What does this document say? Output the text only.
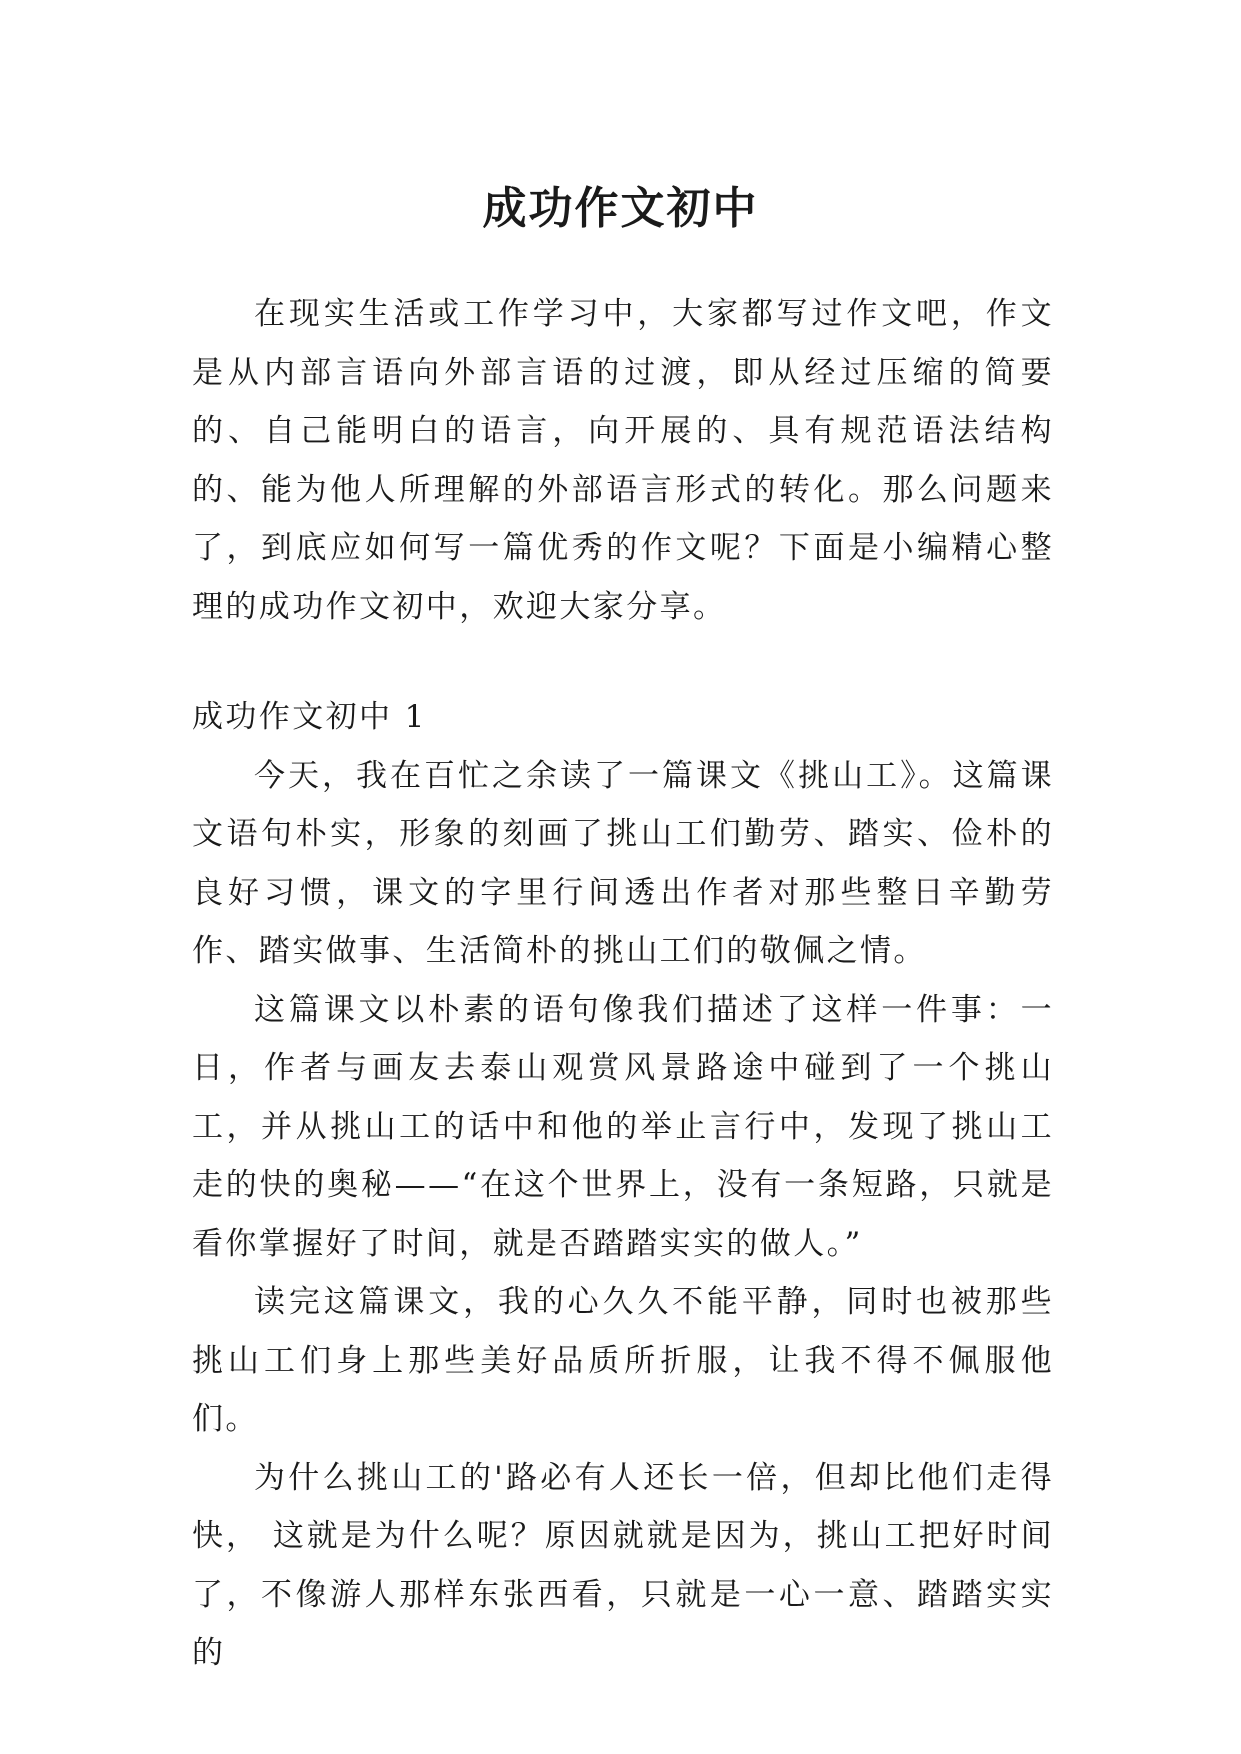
成功作文初中

在现实生活或工作学习中，大家都写过作文吧，作文是从内部言语向外部言语的过渡，即从经过压缩的简要的、自己能明白的语言，向开展的、具有规范语法结构的、能为他人所理解的外部语言形式的转化。那么问题来了，到底应如何写一篇优秀的作文呢？下面是小编精心整理的成功作文初中，欢迎大家分享。

成功作文初中 1

今天，我在百忙之余读了一篇课文《挑山工》。这篇课文语句朴实，形象的刻画了挑山工们勤劳、踏实、俭朴的良好习惯，课文的字里行间透出作者对那些整日辛勤劳作、踏实做事、生活简朴的挑山工们的敬佩之情。

这篇课文以朴素的语句像我们描述了这样一件事：一日，作者与画友去泰山观赏风景路途中碰到了一个挑山工，并从挑山工的话中和他的举止言行中，发现了挑山工走的快的奥秘——“在这个世界上，没有一条短路，只就是看你掌握好了时间，就是否踏踏实实的做人。”

读完这篇课文，我的心久久不能平静，同时也被那些挑山工们身上那些美好品质所折服，让我不得不佩服他们。

为什么挑山工的'路必有人还长一倍，但却比他们走得快， 这就是为什么呢？原因就就是因为，挑山工把好时间了，不像游人那样东张西看，只就是一心一意、踏踏实实的
